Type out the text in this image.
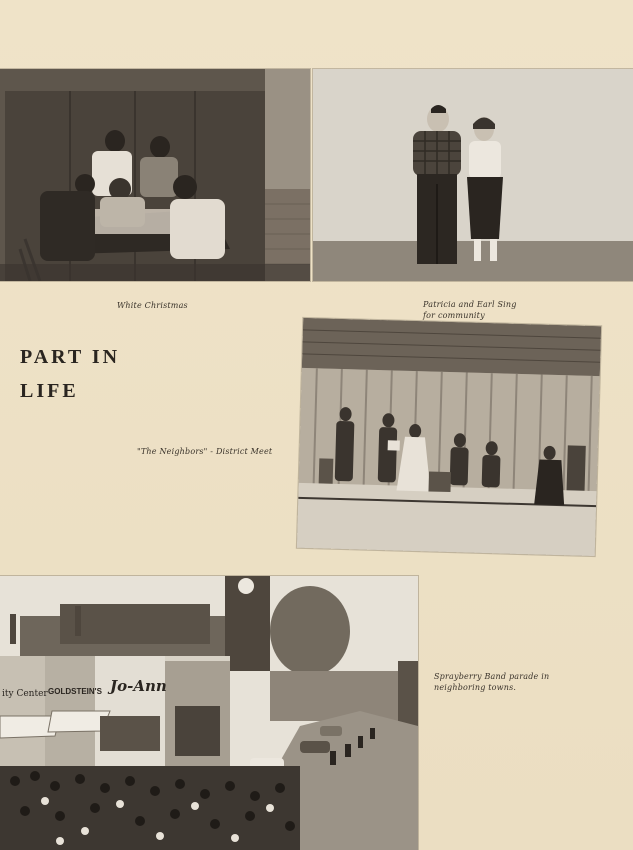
White Christmas	Patricia and Earl Sing
for community
PART IN
LIFE
"The Neighbors" - District Meet
ity Center GOLDSTEIN'S Jo-Ann
Sprayberry Band parade in
neighboring towns.
